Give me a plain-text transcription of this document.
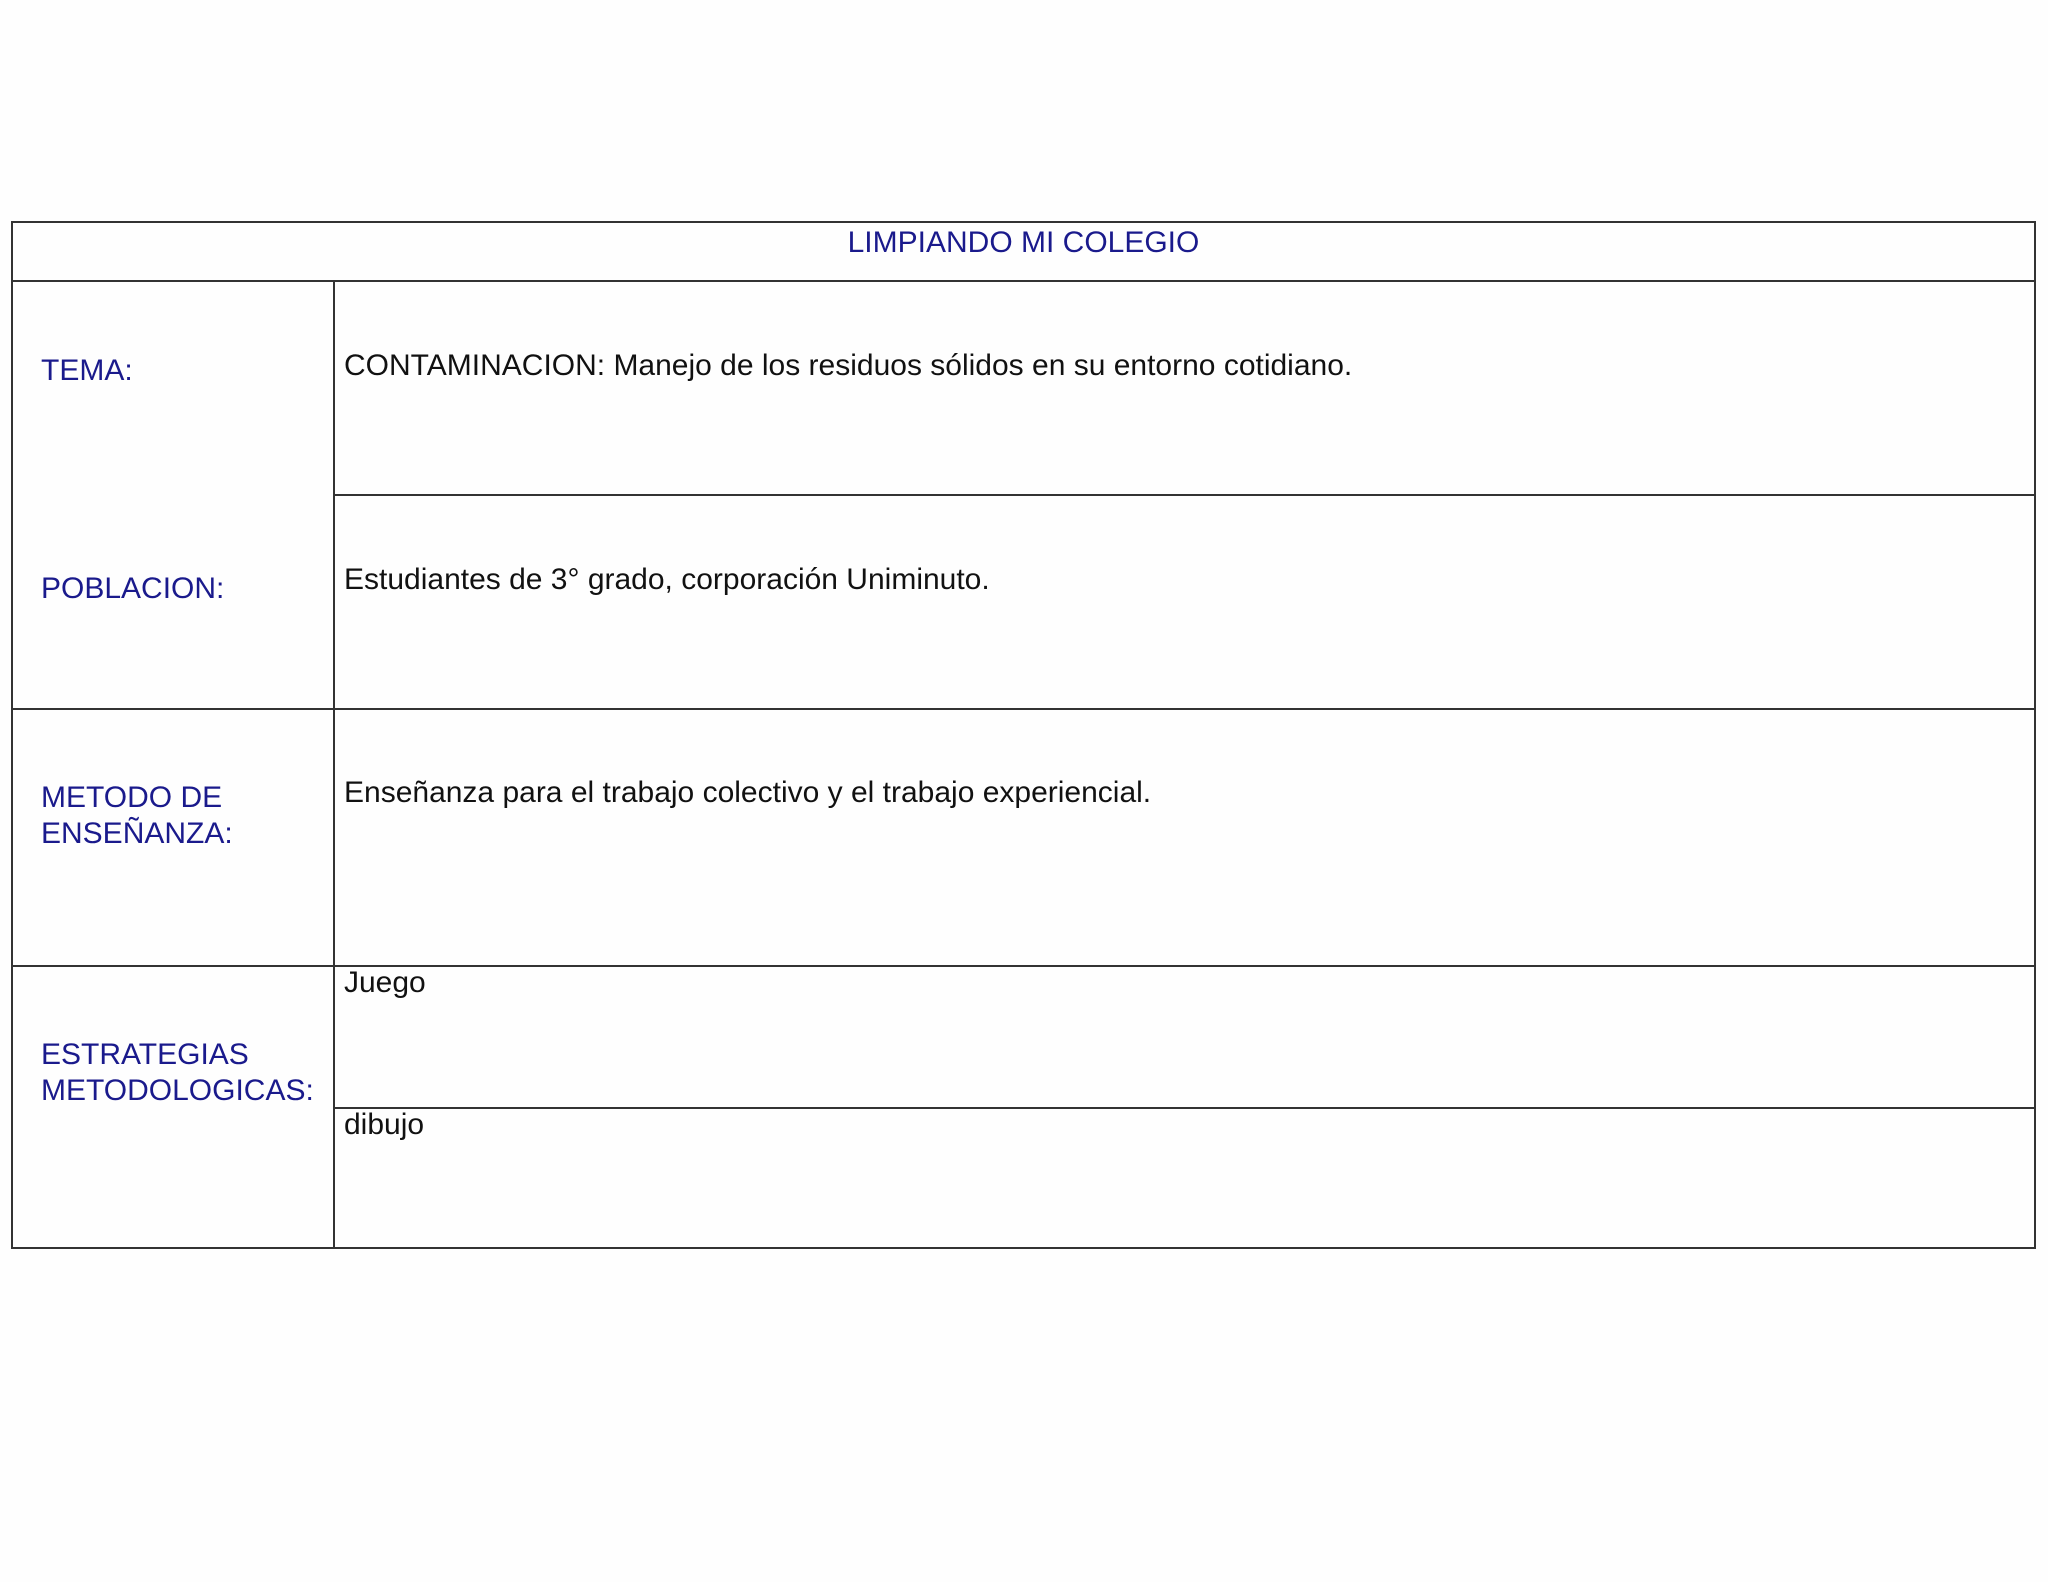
LIMPIANDO MI COLEGIO
TEMA:
POBLACION:
METODO DE
ENSEÑANZA:
ESTRATEGIAS
METODOLOGICAS:
CONTAMINACION: Manejo de los residuos sólidos en su entorno cotidiano.
Estudiantes de 3° grado, corporación Uniminuto.
Enseñanza para el trabajo colectivo y el trabajo experiencial.
Juego
dibujo
